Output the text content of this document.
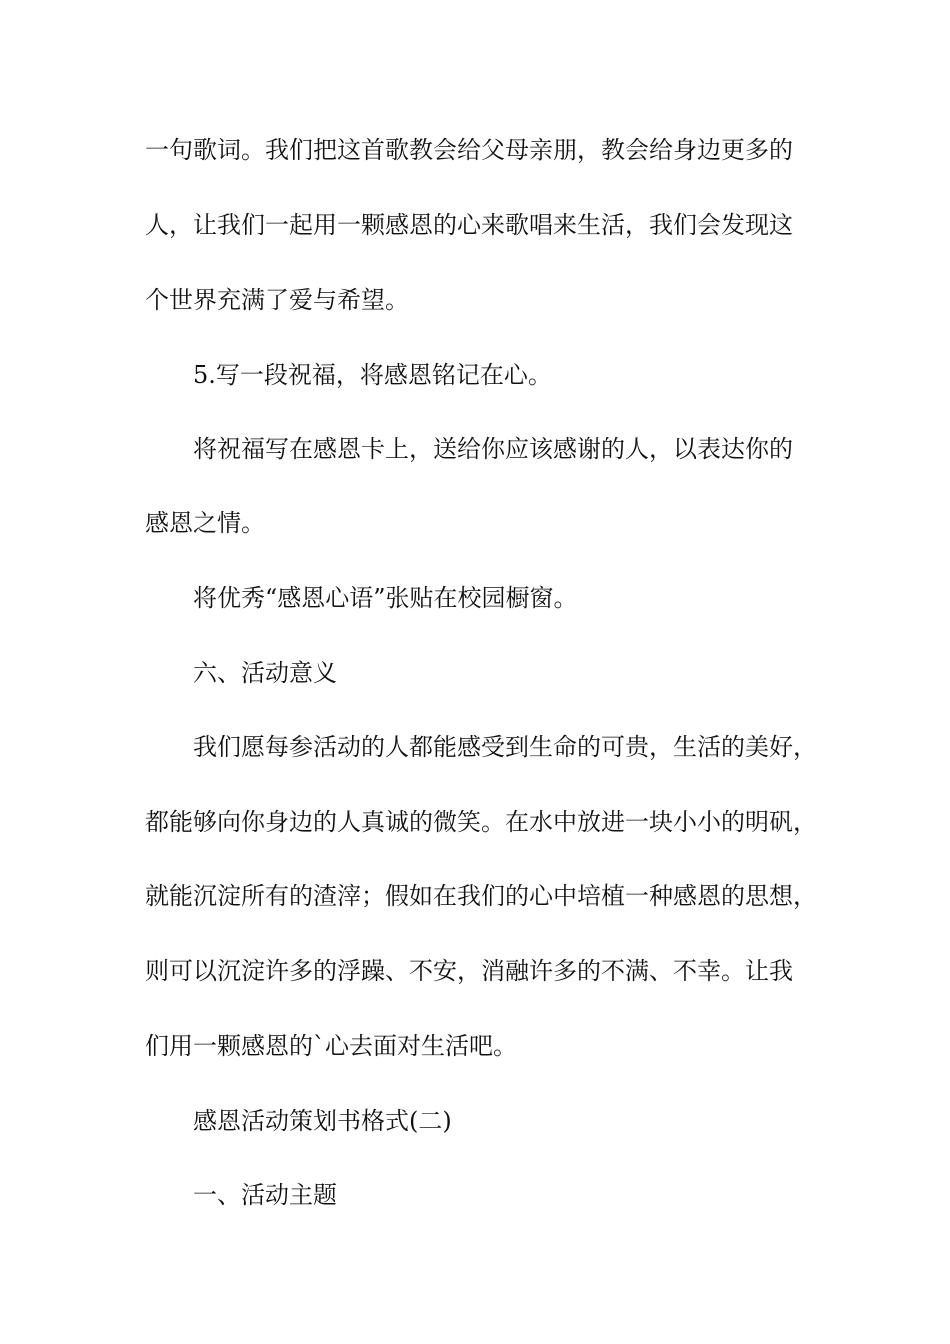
一句歌词。我们把这首歌教会给父母亲朋，教会给身边更多的
人，让我们一起用一颗感恩的心来歌唱来生活，我们会发现这
个世界充满了爱与希望。
5.写一段祝福，将感恩铭记在心。
将祝福写在感恩卡上，送给你应该感谢的人，以表达你的
感恩之情。
将优秀“感恩心语”张贴在校园橱窗。
六、活动意义
我们愿每参活动的人都能感受到生命的可贵，生活的美好，
都能够向你身边的人真诚的微笑。在水中放进一块小小的明矾，
就能沉淀所有的渣滓；假如在我们的心中培植一种感恩的思想，
则可以沉淀许多的浮躁、不安，消融许多的不满、不幸。让我
们用一颗感恩的`心去面对生活吧。
感恩活动策划书格式(二)
一、活动主题
